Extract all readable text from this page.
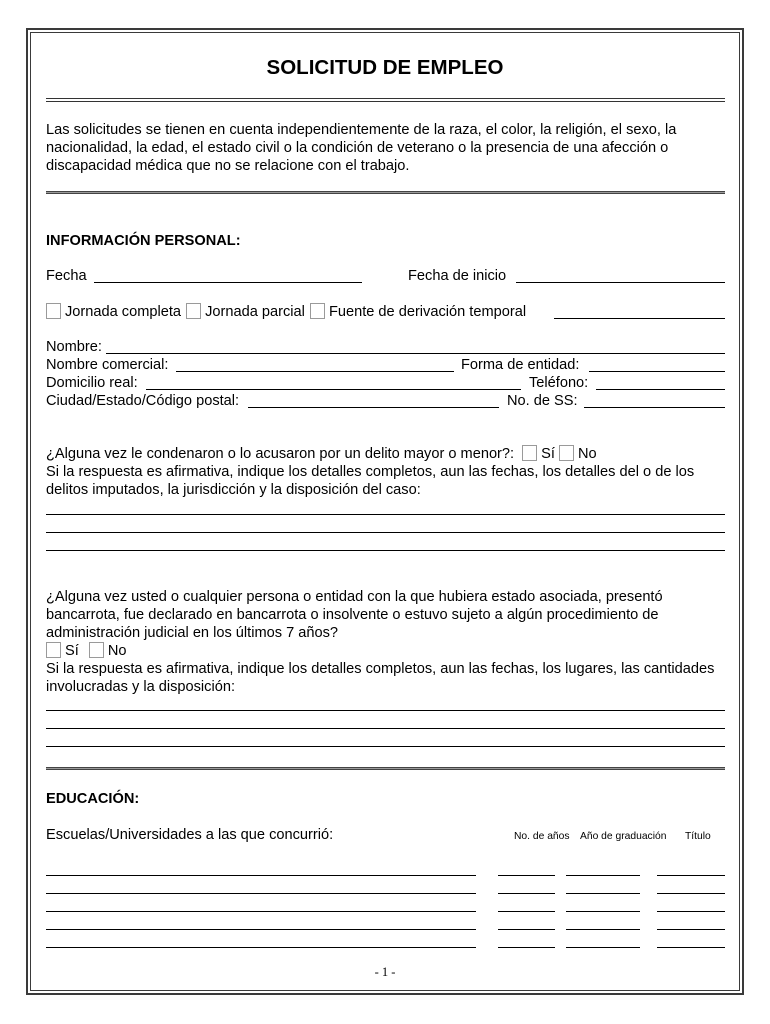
SOLICITUD DE EMPLEO
Las solicitudes se tienen en cuenta independientemente de la raza, el color, la religión, el sexo, la nacionalidad, la edad, el estado civil o la condición de veterano o la presencia de una afección o discapacidad médica que no se relacione con el trabajo.
INFORMACIÓN PERSONAL:
Fecha	Fecha de inicio
Jornada completa Jornada parcial Fuente de derivación temporal
Nombre:
Nombre comercial:	Forma de entidad:
Domicilio real:	Teléfono:
Ciudad/Estado/Código postal:	No. de SS:
¿Alguna vez le condenaron o lo acusaron por un delito mayor o menor?: Sí No
Si la respuesta es afirmativa, indique los detalles completos, aun las fechas, los detalles del o de los delitos imputados, la jurisdicción y la disposición del caso:
¿Alguna vez usted o cualquier persona o entidad con la que hubiera estado asociada, presentó bancarrota, fue declarado en bancarrota o insolvente o estuvo sujeto a algún procedimiento de administración judicial en los últimos 7 años?
Sí No
Si la respuesta es afirmativa, indique los detalles completos, aun las fechas, los lugares, las cantidades involucradas y la disposición:
EDUCACIÓN:
Escuelas/Universidades a las que concurrió:	No. de años Año de graduación Título
- 1 -
